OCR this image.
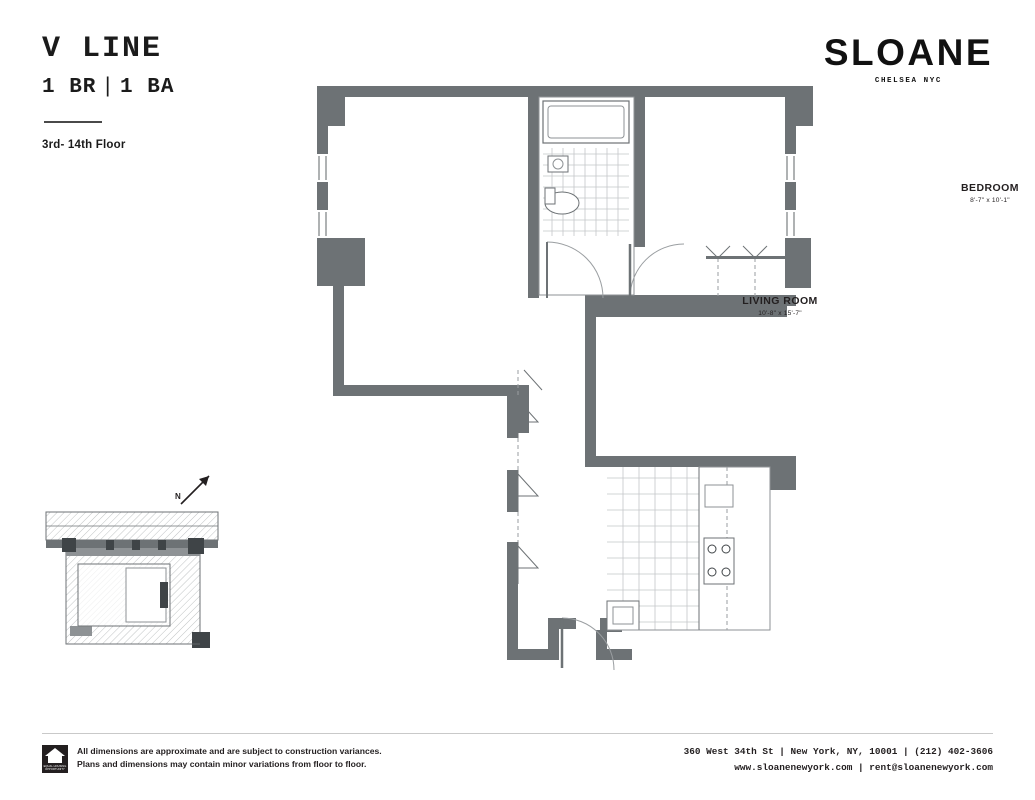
V LINE
1 BR | 1 BA
3rd- 14th Floor
SLOANE
CHELSEA NYC
LIVING ROOM
10'-8" x 15'-7"
BEDROOM
8'-7" x 10'-1"
N
EQUAL HOUSING OPPORTUNITY
All dimensions are approximate and are subject to construction variances.
Plans and dimensions may contain minor variations from floor to floor.
360 West 34th St | New York, NY, 10001 | (212) 402-3606
www.sloanenewyork.com | rent@sloanenewyork.com
